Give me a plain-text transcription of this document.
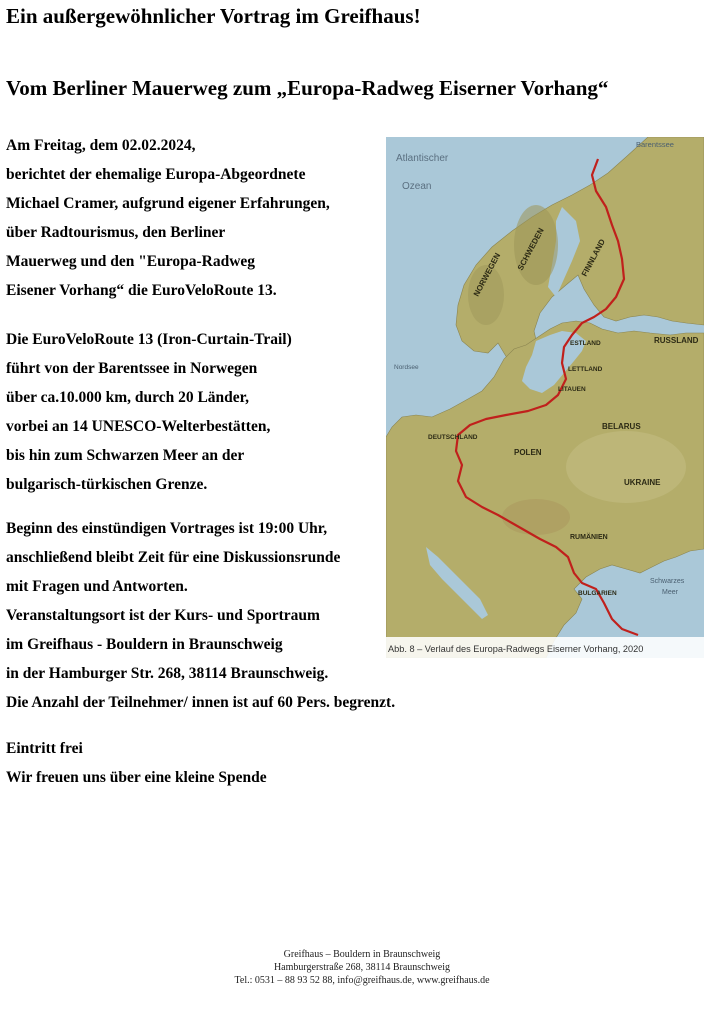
Ein außergewöhnlicher Vortrag im Greifhaus!
Vom Berliner Mauerweg zum „Europa-Radweg Eiserner Vorhang“
Am Freitag, dem 02.02.2024,
berichtet der ehemalige Europa-Abgeordnete
Michael Cramer, aufgrund eigener Erfahrungen,
über Radtourismus, den Berliner
Mauerweg und den "Europa-Radweg
Eisener Vorhang“ die EuroVeloRoute 13.
Die EuroVeloRoute 13 (Iron-Curtain-Trail)
führt von der Barentssee in Norwegen
über ca.10.000 km, durch 20 Länder,
vorbei an 14 UNESCO-Welterbestätten,
bis hin zum Schwarzen Meer an der
bulgarisch-türkischen Grenze.
Beginn des einstündigen Vortrages ist 19:00 Uhr,
anschließend bleibt Zeit für eine Diskussionsrunde
mit Fragen und Antworten.
Veranstaltungsort ist der Kurs- und Sportraum
im Greifhaus - Bouldern in Braunschweig
in der Hamburger Str. 268, 38114 Braunschweig.
Die Anzahl der Teilnehmer/ innen ist auf 60 Pers. begrenzt.
Eintritt frei
Wir freuen uns über eine kleine Spende
Atlantischer
Ozean
Barentssee
NORWEGEN
SCHWEDEN	FINNLAND
RUSSLAND
ESTLAND
LETTLAND
LITAUEN
Nordsee
DEUTSCHLAND
POLEN
BELARUS
UKRAINE
RUMÄNIEN
BULGARIEN
Schwarzes
Meer
Abb. 8 – Verlauf des Europa-Radwegs Eiserner Vorhang, 2020
Greifhaus – Bouldern in Braunschweig
Hamburgerstraße 268, 38114 Braunschweig
Tel.: 0531 – 88 93 52 88, info@greifhaus.de, www.greifhaus.de
